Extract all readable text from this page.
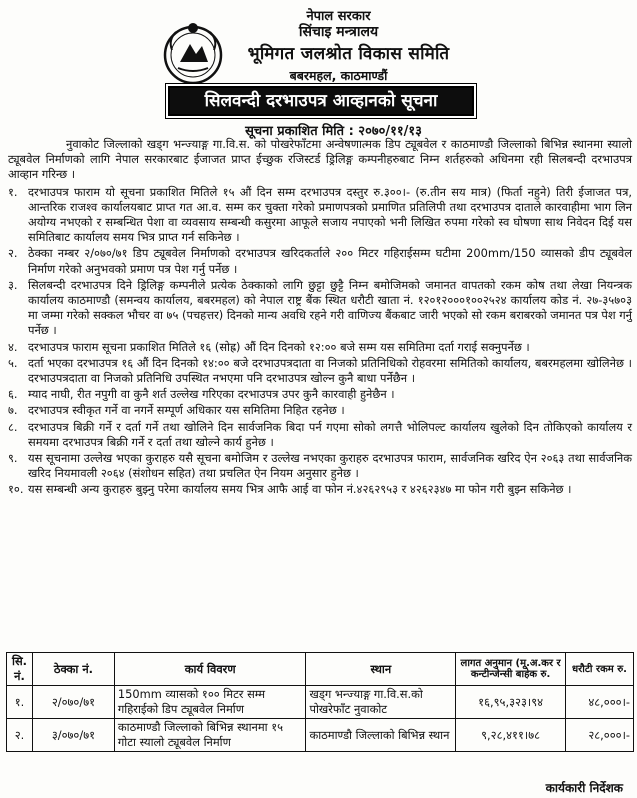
नेपाल सरकार
सिंचाइ मन्त्रालय
भूमिगत जलश्रोत विकास समिति
बबरमहल, काठमाण्डौं
सिलवन्दी दरभाउपत्र आव्हानको सूचना
सूचना प्रकाशित मिति : २०७०/११/१३

नुवाकोट जिल्लाको खड्ग भन्ज्याङ्ग गा.वि.स. को पोखरेफाँटमा अन्वेषणात्मक डिप ट्यूबवेल र काठमाण्डौ जिल्लाको बिभिन्न स्थानमा स्यालो ट्यूबवेल निर्माणको लागि नेपाल सरकारबाट ईजाजत प्राप्त ईच्छुक रजिस्टर्ड ड्रिलिङ्ग कम्पनीहरुबाट निम्न शर्तहरुको अधिनमा रही सिलबन्दी दरभाउपत्र आव्हान गरिन्छ ।

१. दरभाउपत्र फाराम यो सूचना प्रकाशित मितिले १५ औं दिन सम्म दरभाउपत्र दस्तुर रु.३००।- (रु.तीन सय मात्र) (फिर्ता नहुने) तिरी ईजाजत पत्र, आन्तरिक राजश्व कार्यालयबाट प्राप्त गत आ.व. सम्म कर चुक्ता गरेको प्रमाणपत्रको प्रमाणित प्रतिलिपी तथा दरभाउपत्र दाताले कारवाहीमा भाग लिन अयोग्य नभएको र सम्बन्धित पेशा वा व्यवसाय सम्बन्धी कसुरमा आफूले सजाय नपाएको भनी लिखित रुपमा गरेको स्व घोषणा साथ निवेदन दिई यस समितिबाट कार्यालय समय भित्र प्राप्त गर्न सकिनेछ ।
२. ठेक्का नम्बर २/०७०/७१ डिप ट्यूबवेल निर्माणको दरभाउपत्र खरिदकर्ताले २०० मिटर गहिराईसम्म घटीमा 200mm/150 व्यासको डीप ट्यूबवेल निर्माण गरेको अनुभवको प्रमाण पत्र पेश गर्नु पर्नेछ ।
३. सिलबन्दी दरभाउपत्र दिने ड्रिलिङ्ग कम्पनीले प्रत्येक ठेक्काको लागि छुट्टा छुट्टै निम्न बमोजिमको जमानत वापतको रकम कोष तथा लेखा नियन्त्रक कार्यालय काठमाण्डौ (समन्वय कार्यालय, बबरमहल) को नेपाल राष्ट्र बैंक स्थित धरौटी खाता नं. १२०१२०००१००२५२४ कार्यालय कोड नं. २७-३५७०३ मा जम्मा गरेको सक्कल भौचर वा ७५ (पचहत्तर) दिनको मान्य अवधि रहने गरी वाणिज्य बैंकबाट जारी भएको सो रकम बराबरको जमानत पत्र पेश गर्नु पर्नेछ ।
४. दरभाउपत्र फाराम सूचना प्रकाशित मितिले १६ (सोह्र) औं दिन दिनको १२:०० बजे सम्म यस समितिमा दर्ता गराई सक्नुपर्नेछ ।
५. दर्ता भएका दरभाउपत्र १६ औं दिन दिनको १४:०० बजे दरभाउपत्रदाता वा निजको प्रतिनिधिको रोहवरमा समितिको कार्यालय, बबरमहलमा खोलिनेछ । दरभाउपत्रदाता वा निजको प्रतिनिधि उपस्थित नभएमा पनि दरभाउपत्र खोल्न कुनै बाधा पर्नेछैन ।
६. म्याद नाघी, रीत नपुगी वा कुनै शर्त उल्लेख गरिएका दरभाउपत्र उपर कुनै कारवाही हुनेछैन ।
७. दरभाउपत्र स्वीकृत गर्ने वा नगर्ने सम्पूर्ण अधिकार यस समितिमा निहित रहनेछ ।
८. दरभाउपत्र बिक्री गर्ने र दर्ता गर्ने तथा खोलिने दिन सार्वजनिक बिदा पर्न गएमा सोको लगत्तै भोलिपल्ट कार्यालय खुलेको दिन तोकिएको कार्यालय र समयमा दरभाउपत्र बिक्री गर्ने र दर्ता तथा खोल्ने कार्य हुनेछ ।
९. यस सूचनामा उल्लेख भएका कुराहरु यसै सूचना बमोजिम र उल्लेख नभएका कुराहरु दरभाउपत्र फाराम, सार्वजनिक खरिद ऐन २०६३ तथा सार्वजनिक खरिद नियमावली २०६४ (संशोधन सहित) तथा प्रचलित ऐन नियम अनुसार हुनेछ ।
१०. यस सम्बन्धी अन्य कुराहरु बुझ्नु परेमा कार्यालय समय भित्र आफै आई वा फोन नं.४२६२९५३ र ४२६२३४७ मा फोन गरी बुझ्न सकिनेछ ।
सि. नं.	ठेक्का नं.	कार्य विवरण	स्थान	लागत अनुमान (मू.अ.कर र कन्टीन्जेन्सी बाहेक रु.	धरौटी रकम रु.
१.	२/०७०/७१	150mm व्यासको १०० मिटर सम्म गहिराईको डिप ट्यूबवेल निर्माण	खड्ग भन्ज्याङ्ग गा.वि.स.को पोखरेफाँट नुवाकोट	१६,९५,३२३।९४	४८,०००।-
२.	३/०७०/७१	काठमाण्डौ जिल्लाको बिभिन्न स्थानमा १५ गोटा स्यालो ट्यूबवेल निर्माण	काठमाण्डौ जिल्लाको बिभिन्न स्थान	९,२८,४११।७८	२८,०००।-
कार्यकारी निर्देशक
